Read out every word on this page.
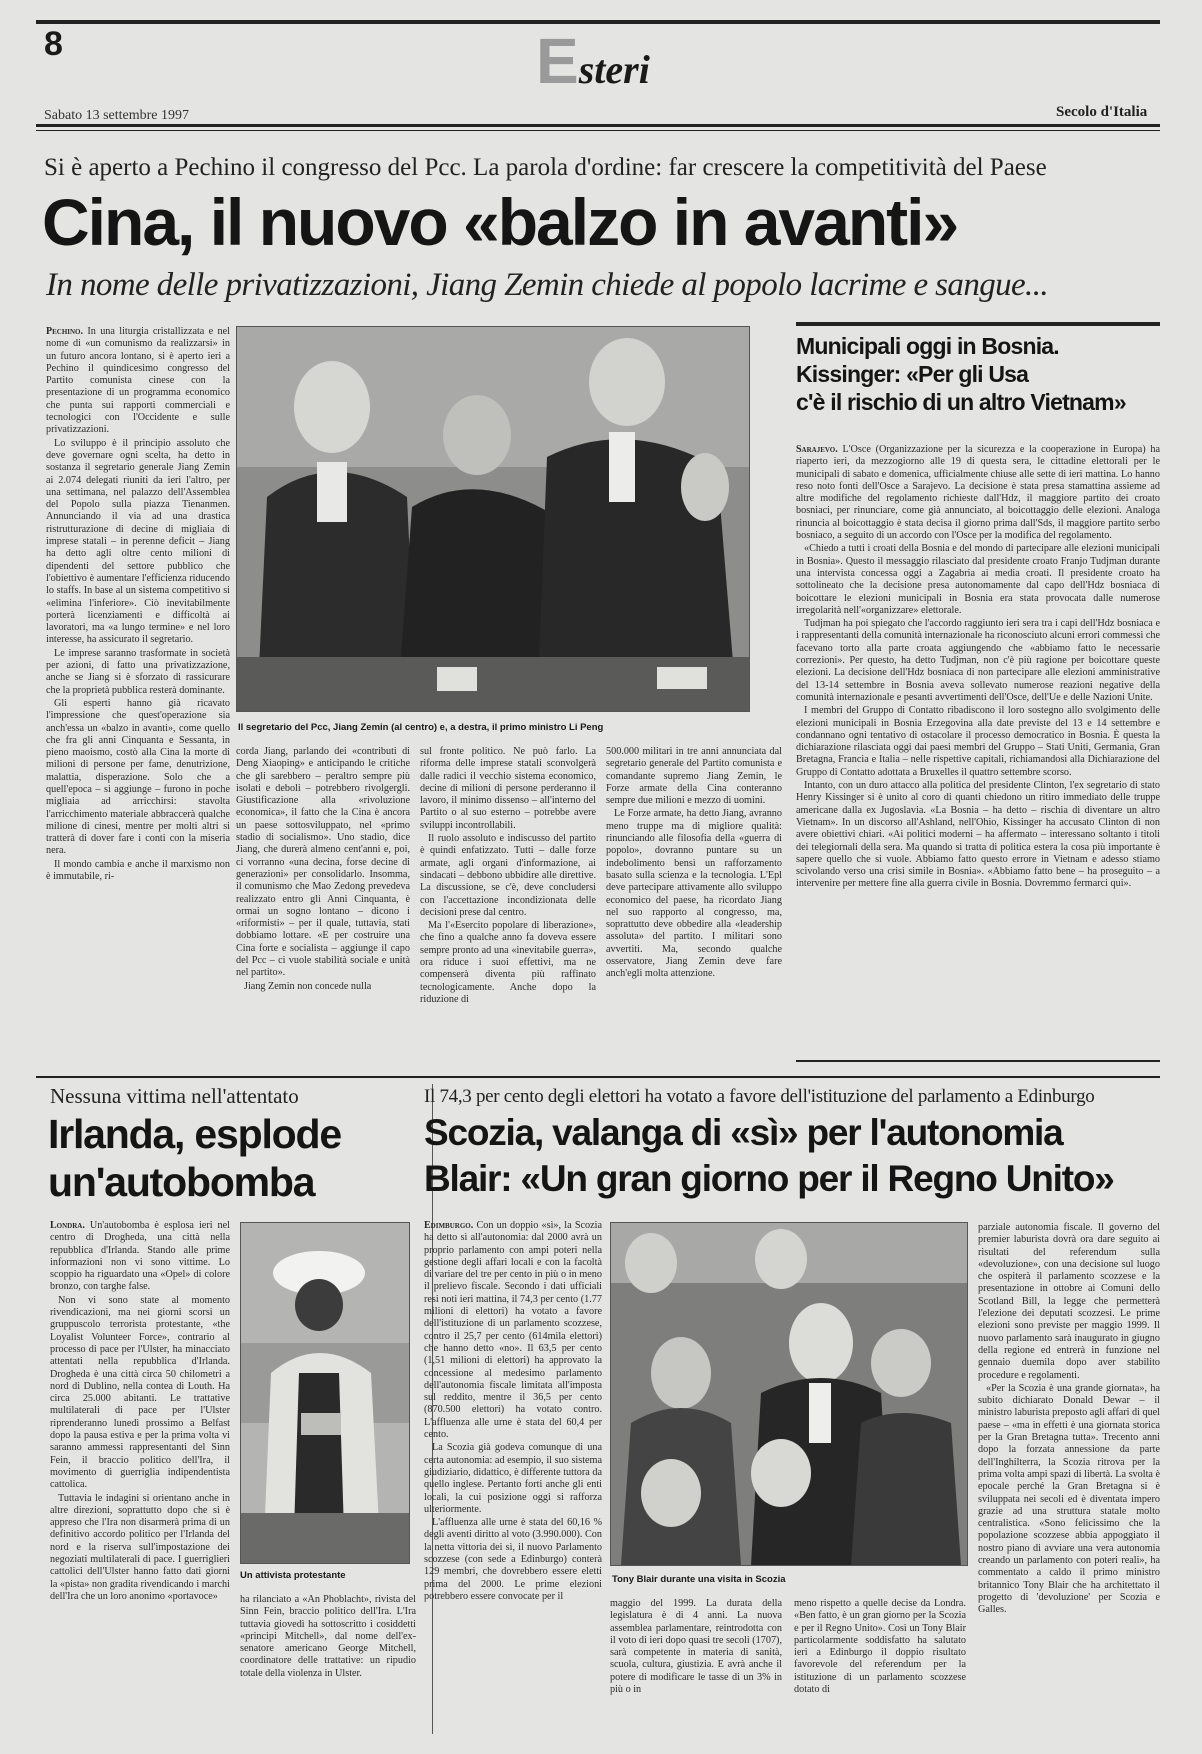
8	Esteri
Sabato 13 settembre 1997	Secolo d'Italia
Si è aperto a Pechino il congresso del Pcc. La parola d'ordine: far crescere la competitività del Paese
Cina, il nuovo «balzo in avanti»
In nome delle privatizzazioni, Jiang Zemin chiede al popolo lacrime e sangue...

Pechino. In una liturgia cristallizzata e nel nome di «un comunismo da realizzarsi» in un futuro ancora lontano, si è aperto ieri a Pechino il quindicesimo congresso del Partito comunista cinese con la presentazione di un programma economico che punta sui rapporti commerciali e tecnologici con l'Occidente e sulle privatizzazioni.

Lo sviluppo è il principio assoluto che deve governare ogni scelta, ha detto in sostanza il segretario generale Jiang Zemin ai 2.074 delegati riuniti da ieri l'altro, per una settimana, nel palazzo dell'Assemblea del Popolo sulla piazza Tienanmen. Annunciando il via ad una drastica ristrutturazione di decine di migliaia di imprese statali – in perenne deficit – Jiang ha detto agli oltre cento milioni di dipendenti del settore pubblico che l'obiettivo è aumentare l'efficienza riducendo lo staffs. In base al un sistema competitivo si «elimina l'inferiore». Ciò inevitabilmente porterà licenziamenti e difficoltà ai lavoratori, ma «a lungo termine» e nel loro interesse, ha assicurato il segretario.

Le imprese saranno trasformate in società per azioni, di fatto una privatizzazione, anche se Jiang si è sforzato di rassicurare che la proprietà pubblica resterà dominante.

Gli esperti hanno già ricavato l'impressione che quest'operazione sia anch'essa un «balzo in avanti», come quello che fra gli anni Cinquanta e Sessanta, in pieno maoismo, costò alla Cina la morte di milioni di persone per fame, denutrizione, malattia, disperazione. Solo che a quell'epoca – si aggiunge – furono in poche migliaia ad arricchirsi: stavolta l'arricchimento materiale abbraccerà qualche milione di cinesi, mentre per molti altri si tratterà di dover fare i conti con la miseria nera.

Il mondo cambia e anche il marxismo non è immutabile, ri-

Il segretario del Pcc, Jiang Zemin (al centro) e, a destra, il primo ministro Li Peng

corda Jiang, parlando dei «contributi di Deng Xiaoping» e anticipando le critiche che gli sarebbero – peraltro sempre più isolati e deboli – potrebbero rivolgergli. Giustificazione alla «rivoluzione economica», il fatto che la Cina è ancora un paese sottosviluppato, nel «primo stadio di socialismo». Uno stadio, dice Jiang, che durerà almeno cent'anni e, poi, ci vorranno «una decina, forse decine di generazioni» per consolidarlo. Insomma, il comunismo che Mao Zedong prevedeva realizzato entro gli Anni Cinquanta, è ormai un sogno lontano – dicono i «riformisti» – per il quale, tuttavia, stati dobbiamo lottare. «E per costruire una Cina forte e socialista – aggiunge il capo del Pcc – ci vuole stabilità sociale e unità nel partito».

Jiang Zemin non concede nulla

sul fronte politico. Ne può farlo. La riforma delle imprese statali sconvolgerà dalle radici il vecchio sistema economico, decine di milioni di persone perderanno il lavoro, il minimo dissenso – all'interno del Partito o al suo esterno – potrebbe avere sviluppi incontrollabili.

Il ruolo assoluto e indiscusso del partito è quindi enfatizzato. Tutti – dalle forze armate, agli organi d'informazione, ai sindacati – debbono ubbidire alle direttive. La discussione, se c'è, deve concludersi con l'accettazione incondizionata delle decisioni prese dal centro.

Ma l'«Esercito popolare di liberazione», che fino a qualche anno fa doveva essere sempre pronto ad una «inevitabile guerra», ora riduce i suoi effettivi, ma ne compenserà diventa più raffinato tecnologicamente. Anche dopo la riduzione di

500.000 militari in tre anni annunciata dal segretario generale del Partito comunista e comandante supremo Jiang Zemin, le Forze armate della Cina conteranno sempre due milioni e mezzo di uomini.

Le Forze armate, ha detto Jiang, avranno meno truppe ma di migliore qualità: rinunciando alle filosofia della «guerra di popolo», dovranno puntare su un indebolimento bensì un rafforzamento basato sulla scienza e la tecnologia. L'Epl deve partecipare attivamente allo sviluppo economico del paese, ha ricordato Jiang nel suo rapporto al congresso, ma, soprattutto deve obbedire alla «leadership assoluta» del partito. I militari sono avvertiti. Ma, secondo qualche osservatore, Jiang Zemin deve fare anch'egli molta attenzione.

Municipali oggi in Bosnia.
Kissinger: «Per gli Usa
c'è il rischio di un altro Vietnam»

Sarajevo. L'Osce (Organizzazione per la sicurezza e la cooperazione in Europa) ha riaperto ieri, da mezzogiorno alle 19 di questa sera, le cittadine elettorali per le municipali di sabato e domenica, ufficialmente chiuse alle sette di ieri mattina. Lo hanno reso noto fonti dell'Osce a Sarajevo. La decisione è stata presa stamattina assieme ad altre modifiche del regolamento richieste dall'Hdz, il maggiore partito dei croato bosniaci, per rinunciare, come già annunciato, al boicottaggio delle elezioni. Analoga rinuncia al boicottaggio è stata decisa il giorno prima dall'Sds, il maggiore partito serbo bosniaco, a seguito di un accordo con l'Osce per la modifica del regolamento.

«Chiedo a tutti i croati della Bosnia e del mondo di partecipare alle elezioni municipali in Bosnia». Questo il messaggio rilasciato dal presidente croato Franjo Tudjman durante una intervista concessa oggi a Zagabria ai media croati. Il presidente croato ha sottolineato che la decisione presa autonomamente dal capo dell'Hdz bosniaca di boicottare le elezioni municipali in Bosnia era stata provocata dalle numerose irregolarità nell'«organizzare» elettorale.

Tudjman ha poi spiegato che l'accordo raggiunto ieri sera tra i capi dell'Hdz bosniaca e i rappresentanti della comunità internazionale ha riconosciuto alcuni errori commessi che facevano torto alla parte croata aggiungendo che «abbiamo fatto le necessarie correzioni». Per questo, ha detto Tudjman, non c'è più ragione per boicottare queste elezioni. La decisione dell'Hdz bosniaca di non partecipare alle elezioni amministrative del 13-14 settembre in Bosnia aveva sollevato numerose reazioni negative della comunità internazionale e pesanti avvertimenti dell'Osce, dell'Ue e delle Nazioni Unite.

I membri del Gruppo di Contatto ribadiscono il loro sostegno allo svolgimento delle elezioni municipali in Bosnia Erzegovina alla date previste del 13 e 14 settembre e condannano ogni tentativo di ostacolare il processo democratico in Bosnia. È questa la dichiarazione rilasciata oggi dai paesi membri del Gruppo – Stati Uniti, Germania, Gran Bretagna, Francia e Italia – nelle rispettive capitali, richiamandosi alla Dichiarazione del Gruppo di Contatto adottata a Bruxelles il quattro settembre scorso.

Intanto, con un duro attacco alla politica del presidente Clinton, l'ex segretario di stato Henry Kissinger si è unito al coro di quanti chiedono un ritiro immediato delle truppe americane dalla ex Jugoslavia. «La Bosnia – ha detto – rischia di diventare un altro Vietnam». In un discorso all'Ashland, nell'Ohio, Kissinger ha accusato Clinton di non avere obiettivi chiari. «Ai politici moderni – ha affermato – interessano soltanto i titoli dei telegiornali della sera. Ma quando si tratta di politica estera la cosa più importante è sapere quello che si vuole. Abbiamo fatto questo errore in Vietnam e adesso stiamo scivolando verso una crisi simile in Bosnia». «Abbiamo fatto bene – ha proseguito – a intervenire per mettere fine alla guerra civile in Bosnia. Dovremmo fermarci qui».

Nessuna vittima nell'attentato
Irlanda, esplode
un'autobomba

Londra. Un'autobomba è esplosa ieri nel centro di Drogheda, una città nella repubblica d'Irlanda. Stando alle prime informazioni non vi sono vittime. Lo scoppio ha riguardato una «Opel» di colore bronzo, con targhe false.

Non vi sono state al momento rivendicazioni, ma nei giorni scorsi un gruppuscolo terrorista protestante, «the Loyalist Volunteer Force», contrario al processo di pace per l'Ulster, ha minacciato attentati nella repubblica d'Irlanda. Drogheda è una città circa 50 chilometri a nord di Dublino, nella contea di Louth. Ha circa 25.000 abitanti. Le trattative multilaterali di pace per l'Ulster riprenderanno lunedì prossimo a Belfast dopo la pausa estiva e per la prima volta vi saranno ammessi rappresentanti del Sinn Fein, il braccio politico dell'Ira, il movimento di guerriglia indipendentista cattolica.

Tuttavia le indagini si orientano anche in altre direzioni, soprattutto dopo che si è appreso che l'Ira non disarmerà prima di un definitivo accordo politico per l'Irlanda del nord e la riserva sull'impostazione dei negoziati multilaterali di pace. I guerriglieri cattolici dell'Ulster hanno fatto dati giorni la «pista» non gradita rivendicando i marchi dell'Ira che un loro anonimo «portavoce»

Un attivista protestante

ha rilanciato a «An Phoblacht», rivista del Sinn Fein, braccio politico dell'Ira. L'Ira tuttavia giovedì ha sottoscritto i cosiddetti «principi Mitchell», dal nome dell'ex-senatore americano George Mitchell, coordinatore delle trattative: un ripudio totale della violenza in Ulster.

Il 74,3 per cento degli elettori ha votato a favore dell'istituzione del parlamento a Edinburgo
Scozia, valanga di «sì» per l'autonomia
Blair: «Un gran giorno per il Regno Unito»

Edimburgo. Con un doppio «sì», la Scozia ha detto sì all'autonomia: dal 2000 avrà un proprio parlamento con ampi poteri nella gestione degli affari locali e con la facoltà di variare del tre per cento in più o in meno il prelievo fiscale. Secondo i dati ufficiali resi noti ieri mattina, il 74,3 per cento (1.77 milioni di elettori) ha votato a favore dell'istituzione di un parlamento scozzese, contro il 25,7 per cento (614mila elettori) che hanno detto «no». Il 63,5 per cento (1,51 milioni di elettori) ha approvato la concessione al medesimo parlamento dell'autonomia fiscale limitata all'imposta sul reddito, mentre il 36,5 per cento (870.500 elettori) ha votato contro. L'affluenza alle urne è stata del 60,4 per cento.

La Scozia già godeva comunque di una certa autonomia: ad esempio, il suo sistema giudiziario, didattico, è differente tuttora da quello inglese. Pertanto forti anche gli enti locali, la cui posizione oggi si rafforza ulteriormente.

L'affluenza alle urne è stata del 60,16 % degli aventi diritto al voto (3.990.000). Con la netta vittoria dei sì, il nuovo Parlamento scozzese (con sede a Edinburgo) conterà 129 membri, che dovrebbero essere eletti prima del 2000. Le prime elezioni potrebbero essere convocate per il

Tony Blair durante una visita in Scozia

maggio del 1999. La durata della legislatura è di 4 anni. La nuova assemblea parlamentare, reintrodotta con il voto di ieri dopo quasi tre secoli (1707), sarà competente in materia di sanità, scuola, cultura, giustizia. E avrà anche il potere di modificare le tasse di un 3% in più o in

meno rispetto a quelle decise da Londra. «Ben fatto, è un gran giorno per la Scozia e per il Regno Unito». Così un Tony Blair particolarmente soddisfatto ha salutato ieri a Edinburgo il doppio risultato favorevole del referendum per la istituzione di un parlamento scozzese dotato di

parziale autonomia fiscale. Il governo del premier laburista dovrà ora dare seguito ai risultati del referendum sulla «devoluzione», con una decisione sul luogo che ospiterà il parlamento scozzese e la presentazione in ottobre ai Comuni dello Scotland Bill, la legge che permetterà l'elezione dei deputati scozzesi. Le prime elezioni sono previste per maggio 1999. Il nuovo parlamento sarà inaugurato in giugno della regione ed entrerà in funzione nel gennaio duemila dopo aver stabilito procedure e regolamenti.

«Per la Scozia è una grande giornata», ha subito dichiarato Donald Dewar – il ministro laburista preposto agli affari di quel paese – «ma in effetti è una giornata storica per la Gran Bretagna tutta». Trecento anni dopo la forzata annessione da parte dell'Inghilterra, la Scozia ritrova per la prima volta ampi spazi di libertà. La svolta è epocale perché la Gran Bretagna si è sviluppata nei secoli ed è diventata impero grazie ad una struttura statale molto centralistica. «Sono felicissimo che la popolazione scozzese abbia appoggiato il nostro piano di avviare una vera autonomia creando un parlamento con poteri reali», ha commentato a caldo il primo ministro britannico Tony Blair che ha architettato il progetto di 'devoluzione' per Scozia e Galles.
